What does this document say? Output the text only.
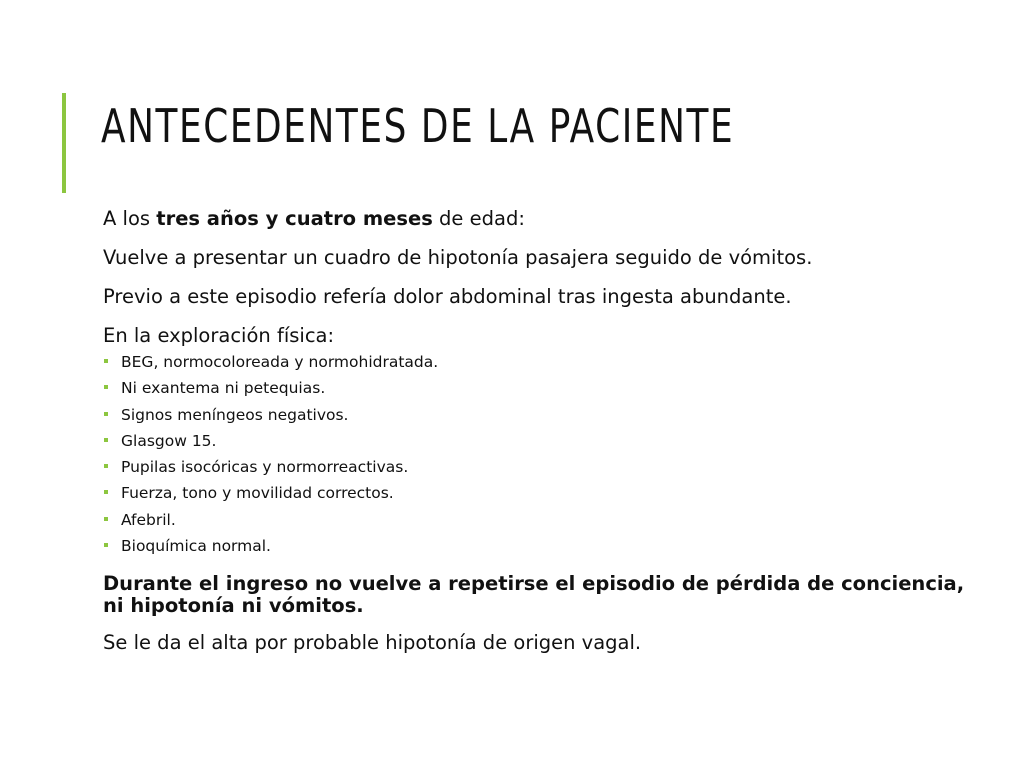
ANTECEDENTES DE LA PACIENTE

A los tres años y cuatro meses de edad:

Vuelve a presentar un cuadro de hipotonía pasajera seguido de vómitos.

Previo a este episodio refería dolor abdominal tras ingesta abundante.

En la exploración física:

BEG, normocoloreada y normohidratada.
Ni exantema ni petequias.
Signos meníngeos negativos.
Glasgow 15.
Pupilas isocóricas y normorreactivas.
Fuerza, tono y movilidad correctos.
Afebril.
Bioquímica normal.

Durante el ingreso no vuelve a repetirse el episodio de pérdida de conciencia, ni hipotonía ni vómitos.

Se le da el alta por probable hipotonía de origen vagal.
